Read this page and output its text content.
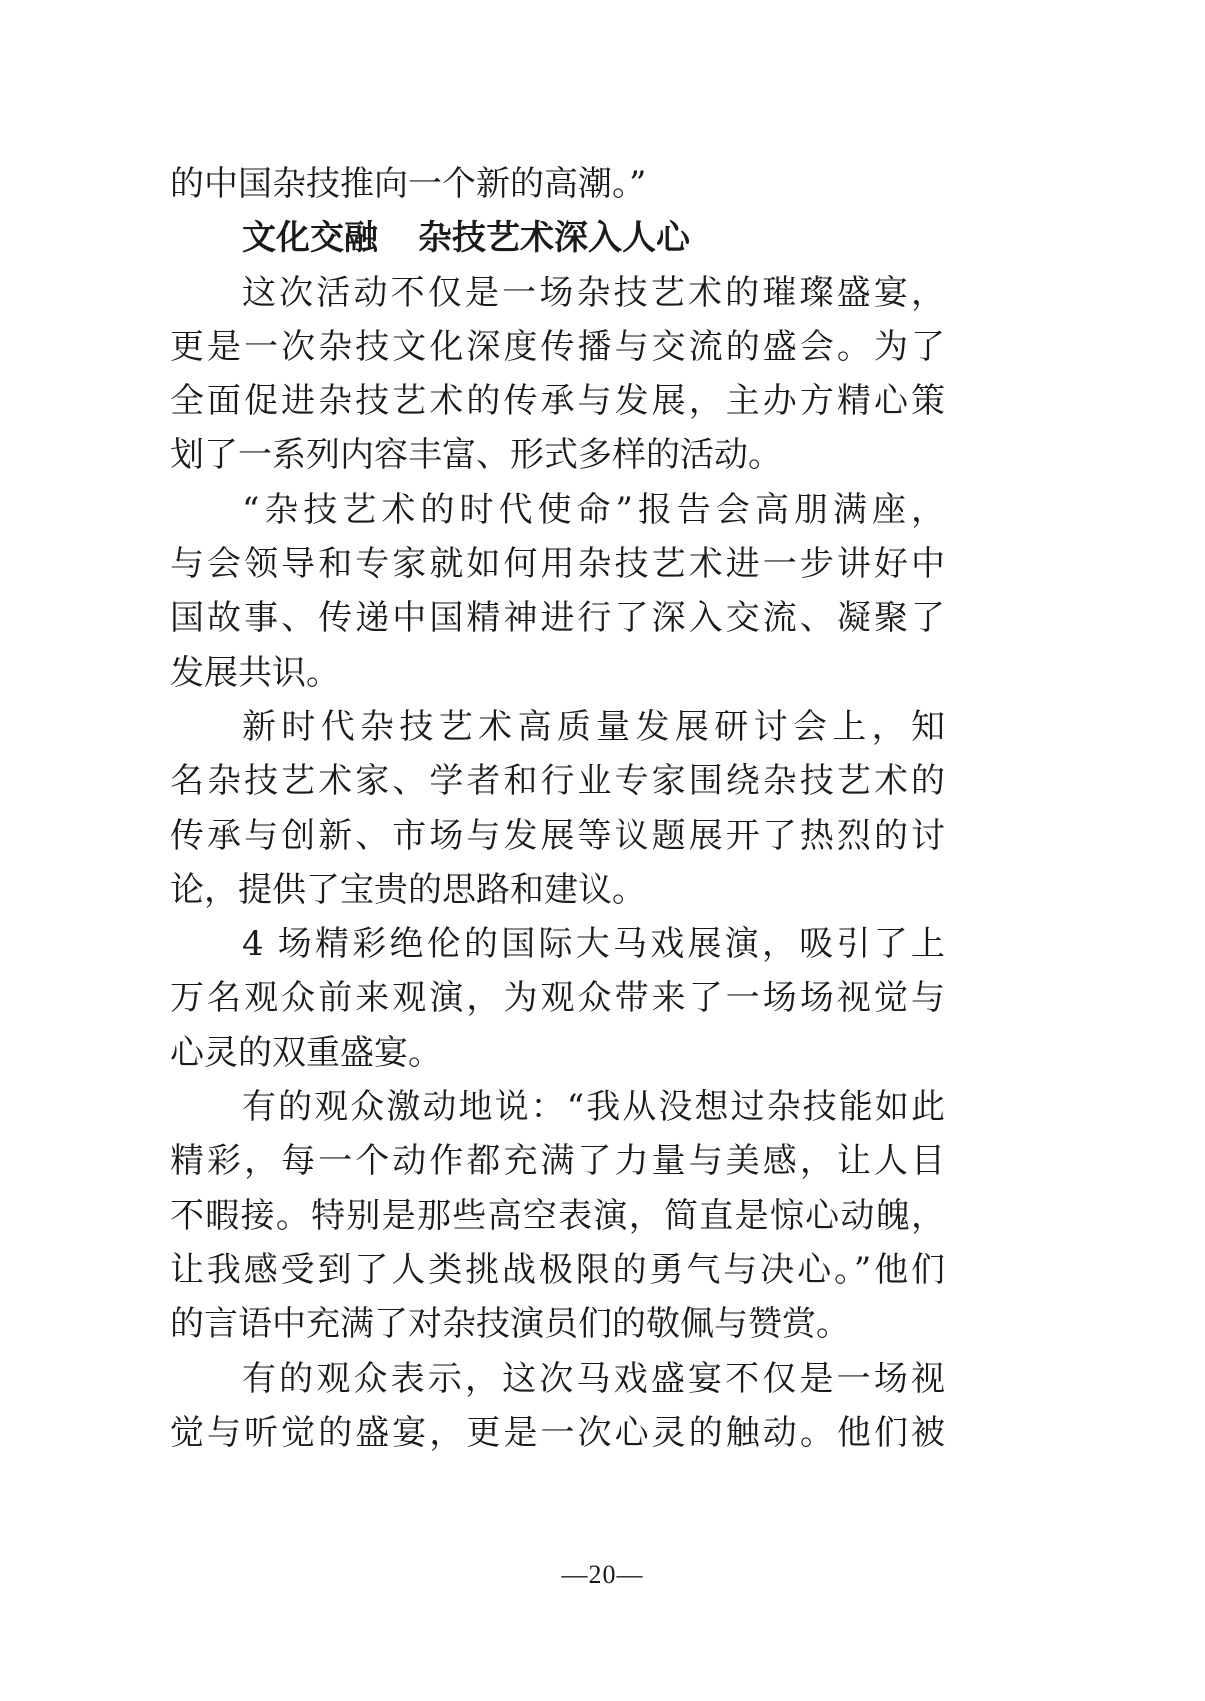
的中国杂技推向一个新的高潮。”
文化交融 杂技艺术深入人心
这次活动不仅是一场杂技艺术的璀璨盛宴，
更是一次杂技文化深度传播与交流的盛会。为了
全面促进杂技艺术的传承与发展，主办方精心策
划了一系列内容丰富、形式多样的活动。
“杂技艺术的时代使命”报告会高朋满座，
与会领导和专家就如何用杂技艺术进一步讲好中
国故事、传递中国精神进行了深入交流、凝聚了
发展共识。
新时代杂技艺术高质量发展研讨会上，知
名杂技艺术家、学者和行业专家围绕杂技艺术的
传承与创新、市场与发展等议题展开了热烈的讨
论，提供了宝贵的思路和建议。
4 场精彩绝伦的国际大马戏展演，吸引了上
万名观众前来观演，为观众带来了一场场视觉与
心灵的双重盛宴。
有的观众激动地说：“我从没想过杂技能如此
精彩，每一个动作都充满了力量与美感，让人目
不暇接。特别是那些高空表演，简直是惊心动魄，
让我感受到了人类挑战极限的勇气与决心。”他们
的言语中充满了对杂技演员们的敬佩与赞赏。
有的观众表示，这次马戏盛宴不仅是一场视
觉与听觉的盛宴，更是一次心灵的触动。他们被
—20—
